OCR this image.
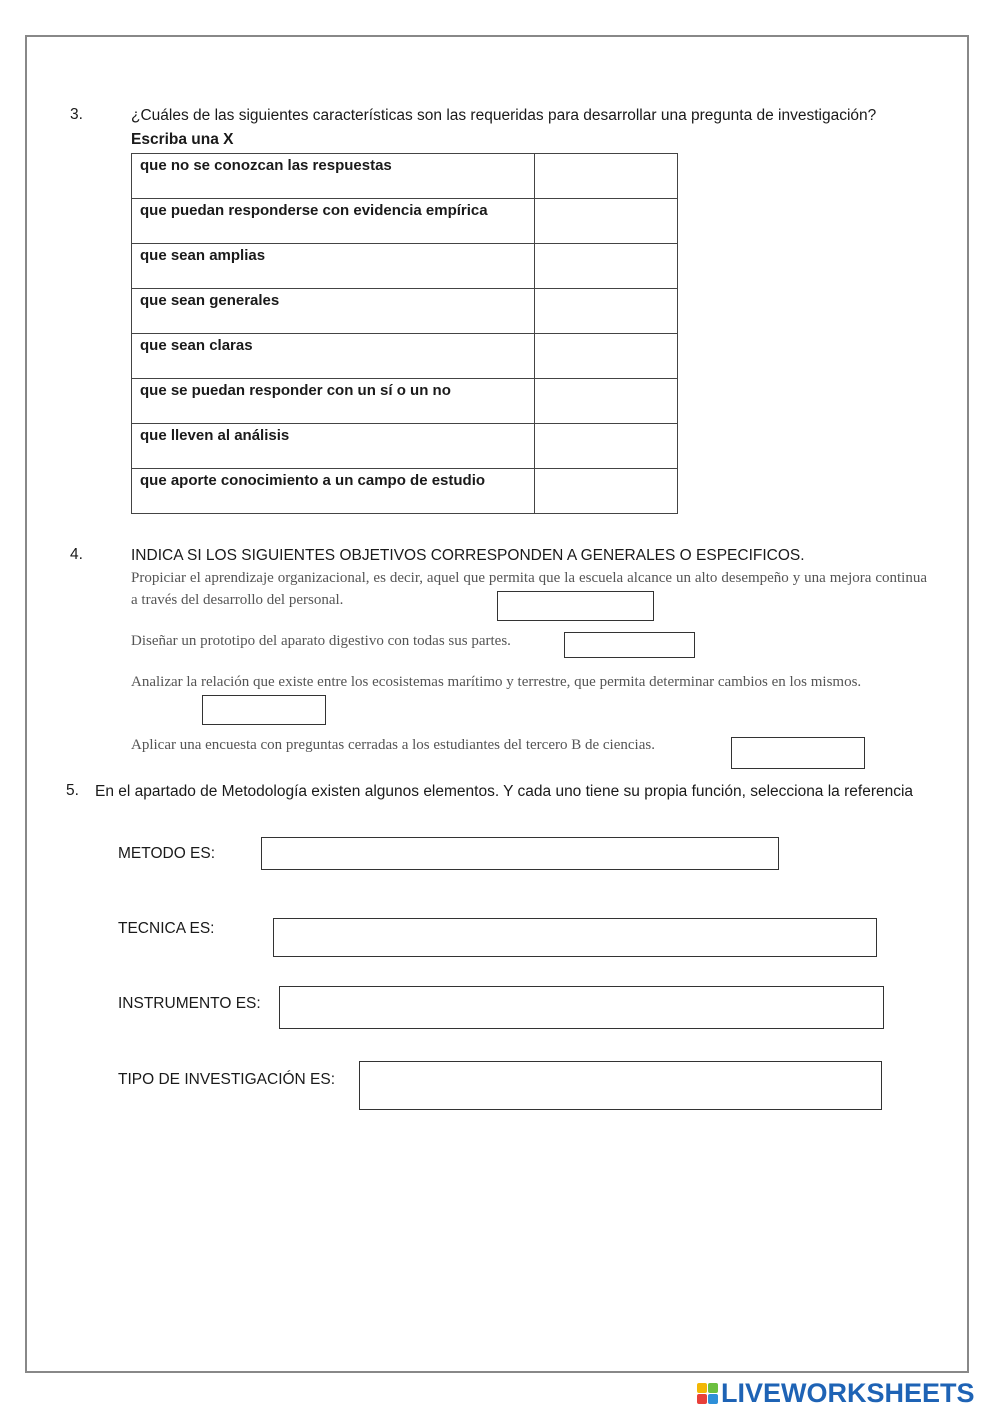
3.	¿Cuáles de las siguientes características son las requeridas para desarrollar una pregunta de investigación?
Escriba una X
que no se conozcan las respuestas	
que puedan responderse con evidencia empírica	
que sean amplias	
que sean generales	
que sean claras	
que se puedan responder con un sí o un no	
que lleven al análisis	
que aporte conocimiento a un campo de estudio	
4.	INDICA SI LOS SIGUIENTES OBJETIVOS CORRESPONDEN A GENERALES O ESPECIFICOS.
Propiciar el aprendizaje organizacional, es decir, aquel que permita que la escuela alcance un alto desempeño y una mejora continua a través del desarrollo del personal.
Diseñar un prototipo del aparato digestivo con todas sus partes.
Analizar la relación que existe entre los ecosistemas marítimo y terrestre, que permita determinar cambios en los mismos.
Aplicar una encuesta con preguntas cerradas a los estudiantes del tercero B de ciencias.
5. En el apartado de Metodología existen algunos elementos. Y cada uno tiene su propia función, selecciona la referencia
METODO ES:
TECNICA ES:
INSTRUMENTO ES:
TIPO DE INVESTIGACIÓN ES:
LIVEWORKSHEETS
